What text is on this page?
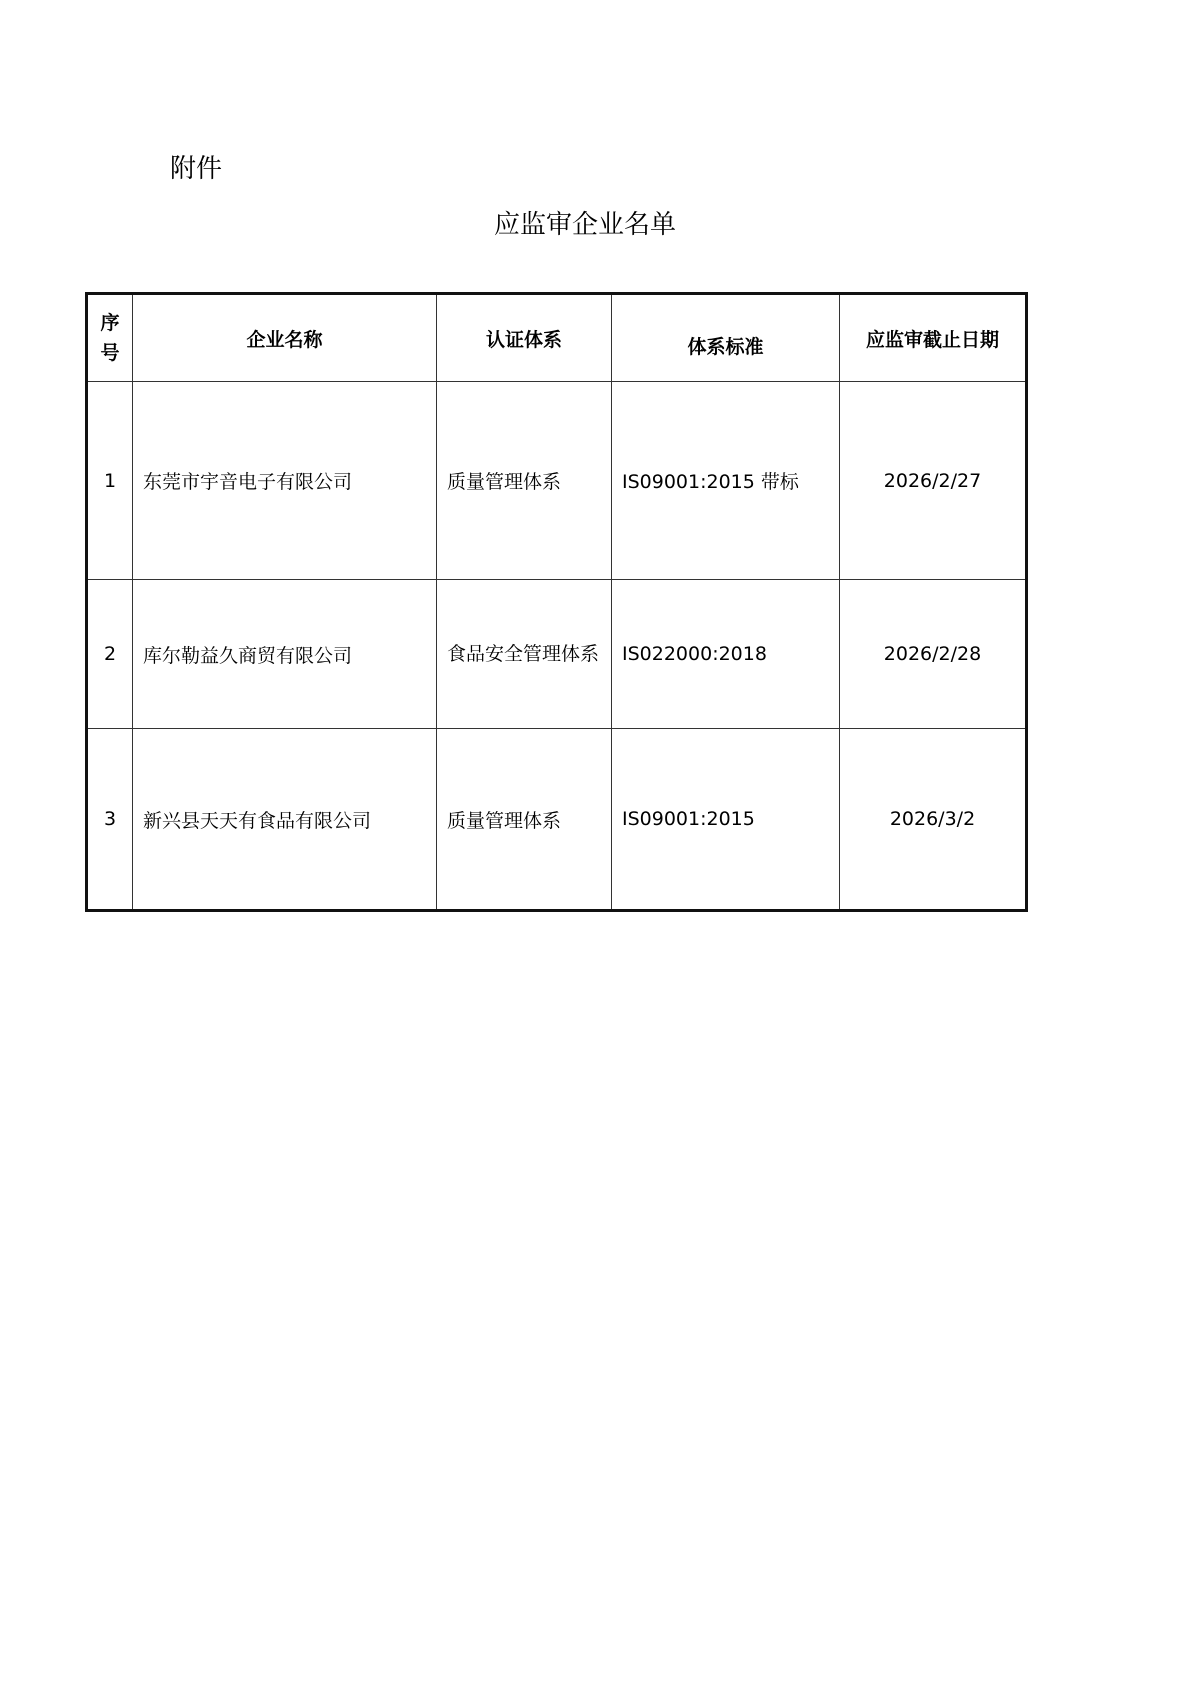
附件
应监审企业名单
序号	企业名称	认证体系	体系标准	应监审截止日期
1	东莞市宇音电子有限公司	质量管理体系	IS09001:2015 带标	2026/2/27
2	库尔勒益久商贸有限公司	食品安全管理体系	IS022000:2018	2026/2/28
3	新兴县天天有食品有限公司	质量管理体系	IS09001:2015	2026/3/2
